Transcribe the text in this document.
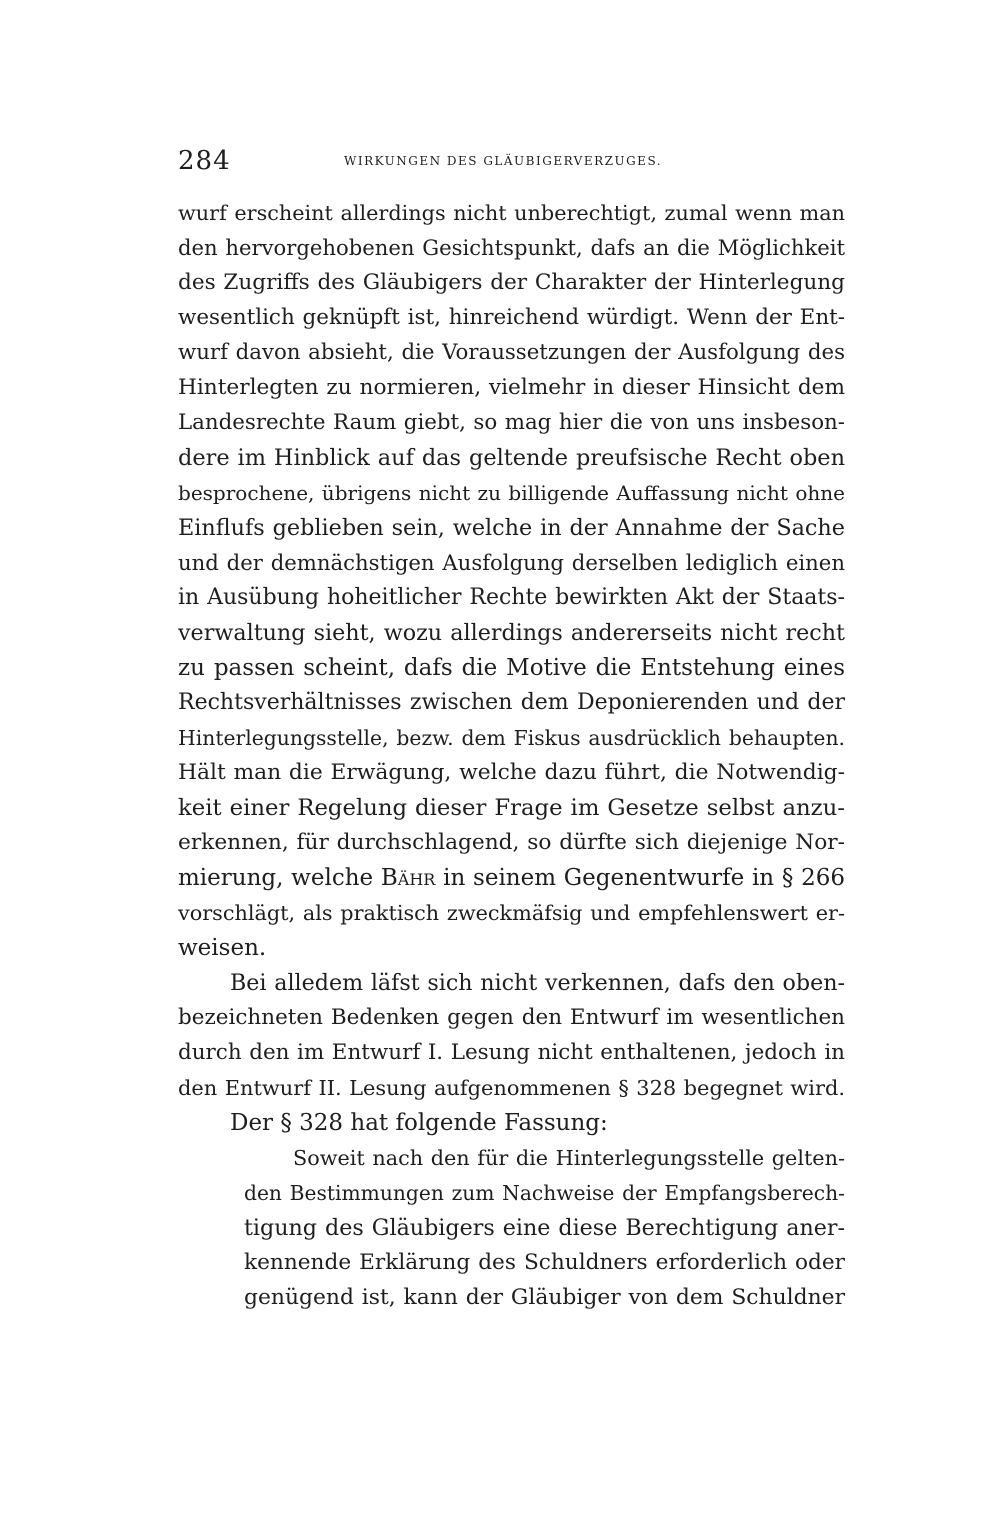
284	WIRKUNGEN DES GLÄUBIGERVERZUGES.
wurf erscheint allerdings nicht unberechtigt, zumal wenn man
den hervorgehobenen Gesichtspunkt, dafs an die Möglichkeit
des Zugriffs des Gläubigers der Charakter der Hinterlegung
wesentlich geknüpft ist, hinreichend würdigt. Wenn der Ent-
wurf davon absieht, die Voraussetzungen der Ausfolgung des
Hinterlegten zu normieren, vielmehr in dieser Hinsicht dem
Landesrechte Raum giebt, so mag hier die von uns insbeson-
dere im Hinblick auf das geltende preufsische Recht oben
besprochene, übrigens nicht zu billigende Auffassung nicht ohne
Einflufs geblieben sein, welche in der Annahme der Sache
und der demnächstigen Ausfolgung derselben lediglich einen
in Ausübung hoheitlicher Rechte bewirkten Akt der Staats-
verwaltung sieht, wozu allerdings andererseits nicht recht
zu passen scheint, dafs die Motive die Entstehung eines
Rechtsverhältnisses zwischen dem Deponierenden und der
Hinterlegungsstelle, bezw. dem Fiskus ausdrücklich behaupten.
Hält man die Erwägung, welche dazu führt, die Notwendig-
keit einer Regelung dieser Frage im Gesetze selbst anzu-
erkennen, für durchschlagend, so dürfte sich diejenige Nor-
mierung, welche Bähr in seinem Gegenentwurfe in § 266
vorschlägt, als praktisch zweckmäfsig und empfehlenswert er-
weisen.
Bei alledem läfst sich nicht verkennen, dafs den oben-
bezeichneten Bedenken gegen den Entwurf im wesentlichen
durch den im Entwurf I. Lesung nicht enthaltenen, jedoch in
den Entwurf II. Lesung aufgenommenen § 328 begegnet wird.
Der § 328 hat folgende Fassung:
Soweit nach den für die Hinterlegungsstelle gelten-
den Bestimmungen zum Nachweise der Empfangsberech-
tigung des Gläubigers eine diese Berechtigung aner-
kennende Erklärung des Schuldners erforderlich oder
genügend ist, kann der Gläubiger von dem Schuldner
